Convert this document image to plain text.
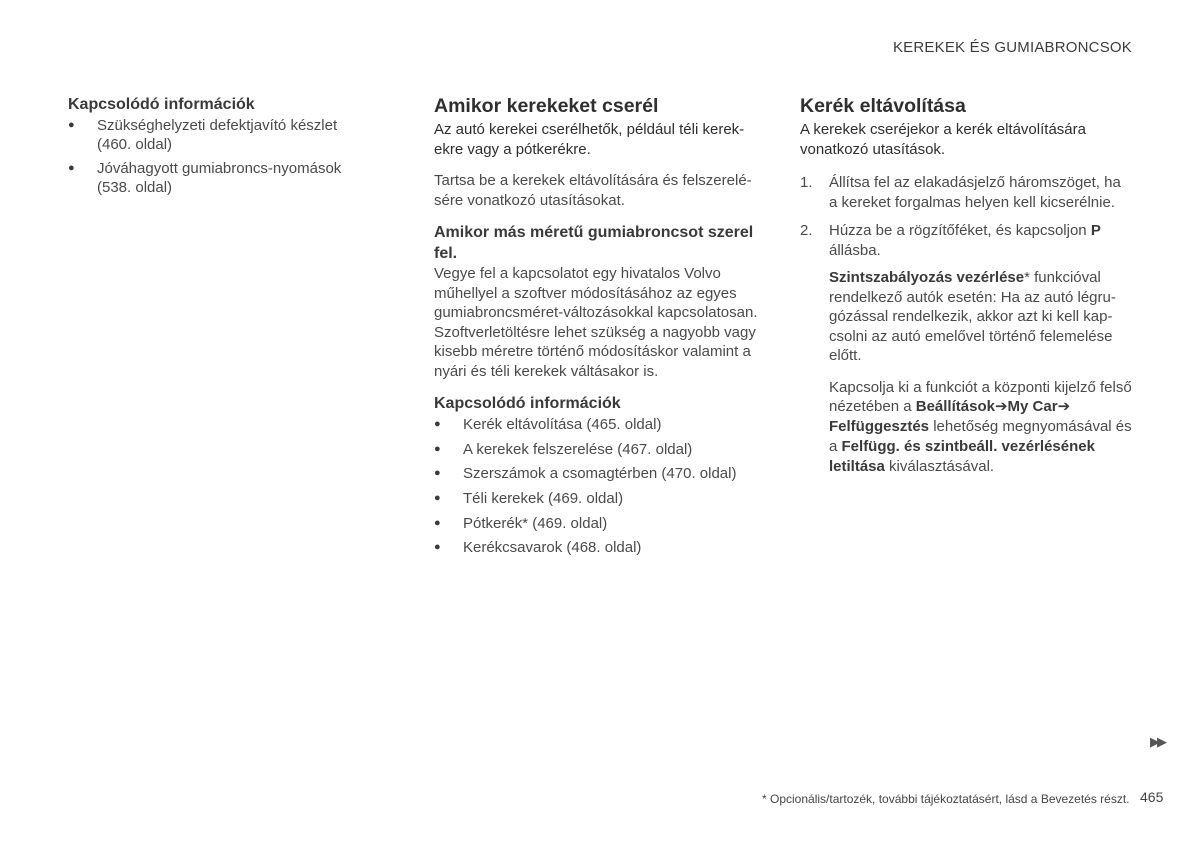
KEREKEK ÉS GUMIABRONCSOK
Kapcsolódó információk
● Szükséghelyzeti defektjavító készlet (460. oldal)
● Jóváhagyott gumiabroncs-nyomások (538. oldal)
Amikor kerekeket cserél

Az autó kerekei cserélhetők, például téli kerek-ekre vagy a pótkerékre.

Tartsa be a kerekek eltávolítására és felszerelé-sére vonatkozó utasításokat.

Amikor más méretű gumiabroncsot szerel fel.

Vegye fel a kapcsolatot egy hivatalos Volvo műhellyel a szoftver módosításához az egyes gumiabroncsméret-változásokkal kapcsolatosan. Szoftverletöltésre lehet szükség a nagyobb vagy kisebb méretre történő módosításkor valamint a nyári és téli kerekek váltásakor is.

Kapcsolódó információk
● Kerék eltávolítása (465. oldal)
● A kerekek felszerelése (467. oldal)
● Szerszámok a csomagtérben (470. oldal)
● Téli kerekek (469. oldal)
● Pótkerék* (469. oldal)
● Kerékcsavarok (468. oldal)
Kerék eltávolítása

A kerekek cseréjekor a kerék eltávolítására vonatkozó utasítások.

1. Állítsa fel az elakadásjelző háromszöget, ha a kereket forgalmas helyen kell kicserélnie.
2. Húzza be a rögzítőféket, és kapcsoljon P állásba.

Szintszabályozás vezérlése* funkcióval rendelkező autók esetén: Ha az autó légru-gózással rendelkezik, akkor azt ki kell kap-csolni az autó emelővel történő felemelése előtt.

Kapcsolja ki a funkciót a központi kijelző felső nézetében a Beállítások➔My Car➔
Felfüggesztés lehetőség megnyomásával és a Felfügg. és szintbeáll. vezérlésének letiltása kiválasztásával.

▶▶
* Opcionális/tartozék, további tájékoztatásért, lásd a Bevezetés részt. 465
